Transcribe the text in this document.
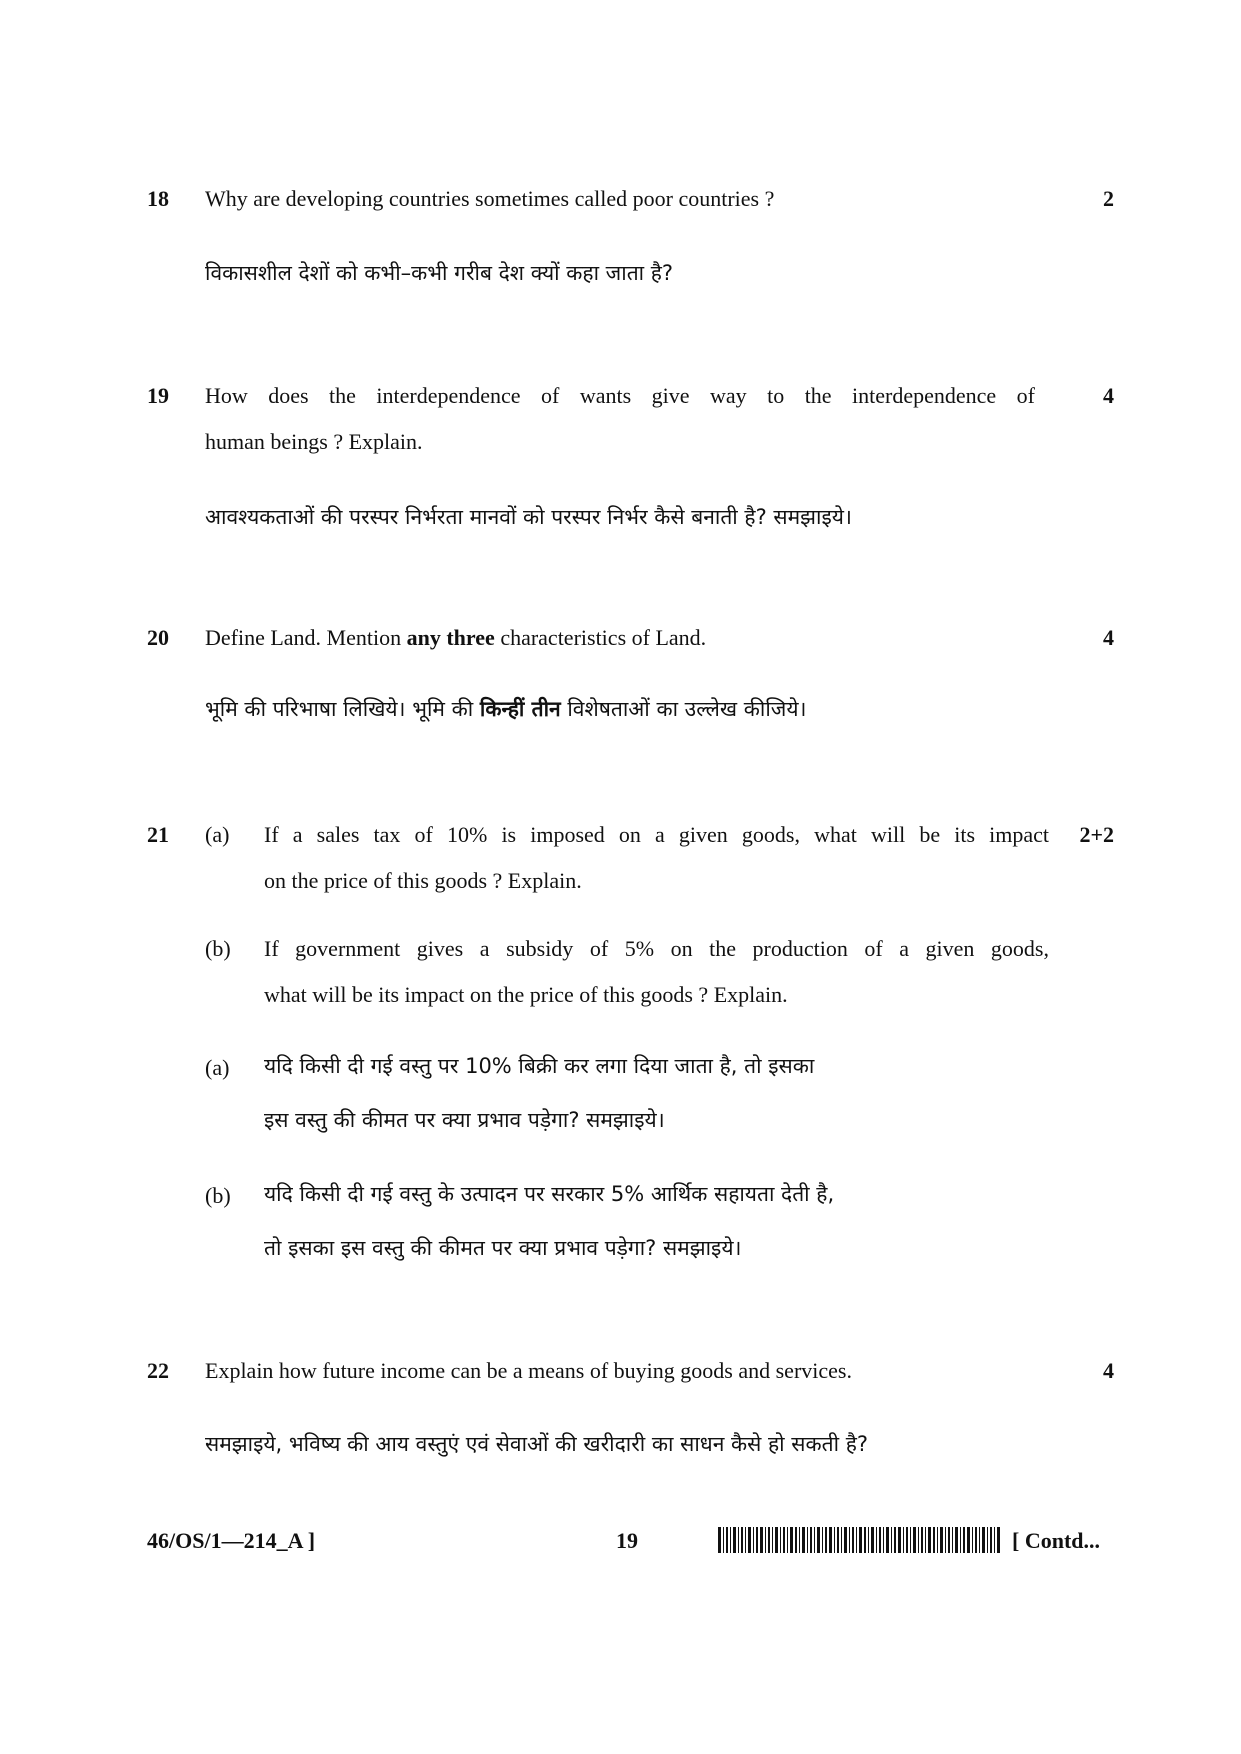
18 Why are developing countries sometimes called poor countries ?	2
विकासशील देशों को कभी–कभी गरीब देश क्यों कहा जाता है?
19 How does the interdependence of wants give way to the interdependence of
human beings ? Explain.
4
आवश्यकताओं की परस्पर निर्भरता मानवों को परस्पर निर्भर कैसे बनाती है? समझाइये।
20 Define Land. Mention any three characteristics of Land.	4
भूमि की परिभाषा लिखिये। भूमि की किन्हीं तीन विशेषताओं का उल्लेख कीजिये।
21	2+2
(a) If a sales tax of 10% is imposed on a given goods, what will be its impact
on the price of this goods ? Explain.
(b) If government gives a subsidy of 5% on the production of a given goods,
what will be its impact on the price of this goods ? Explain.
(a) यदि किसी दी गई वस्तु पर 10% बिक्री कर लगा दिया जाता है, तो इसका
इस वस्तु की कीमत पर क्या प्रभाव पड़ेगा? समझाइये।
(b) यदि किसी दी गई वस्तु के उत्पादन पर सरकार 5% आर्थिक सहायता देती है,
तो इसका इस वस्तु की कीमत पर क्या प्रभाव पड़ेगा? समझाइये।
22 Explain how future income can be a means of buying goods and services.	4
समझाइये, भविष्य की आय वस्तुएं एवं सेवाओं की खरीदारी का साधन कैसे हो सकती है?
46/OS/1—214_A ]	19	[ Contd...
